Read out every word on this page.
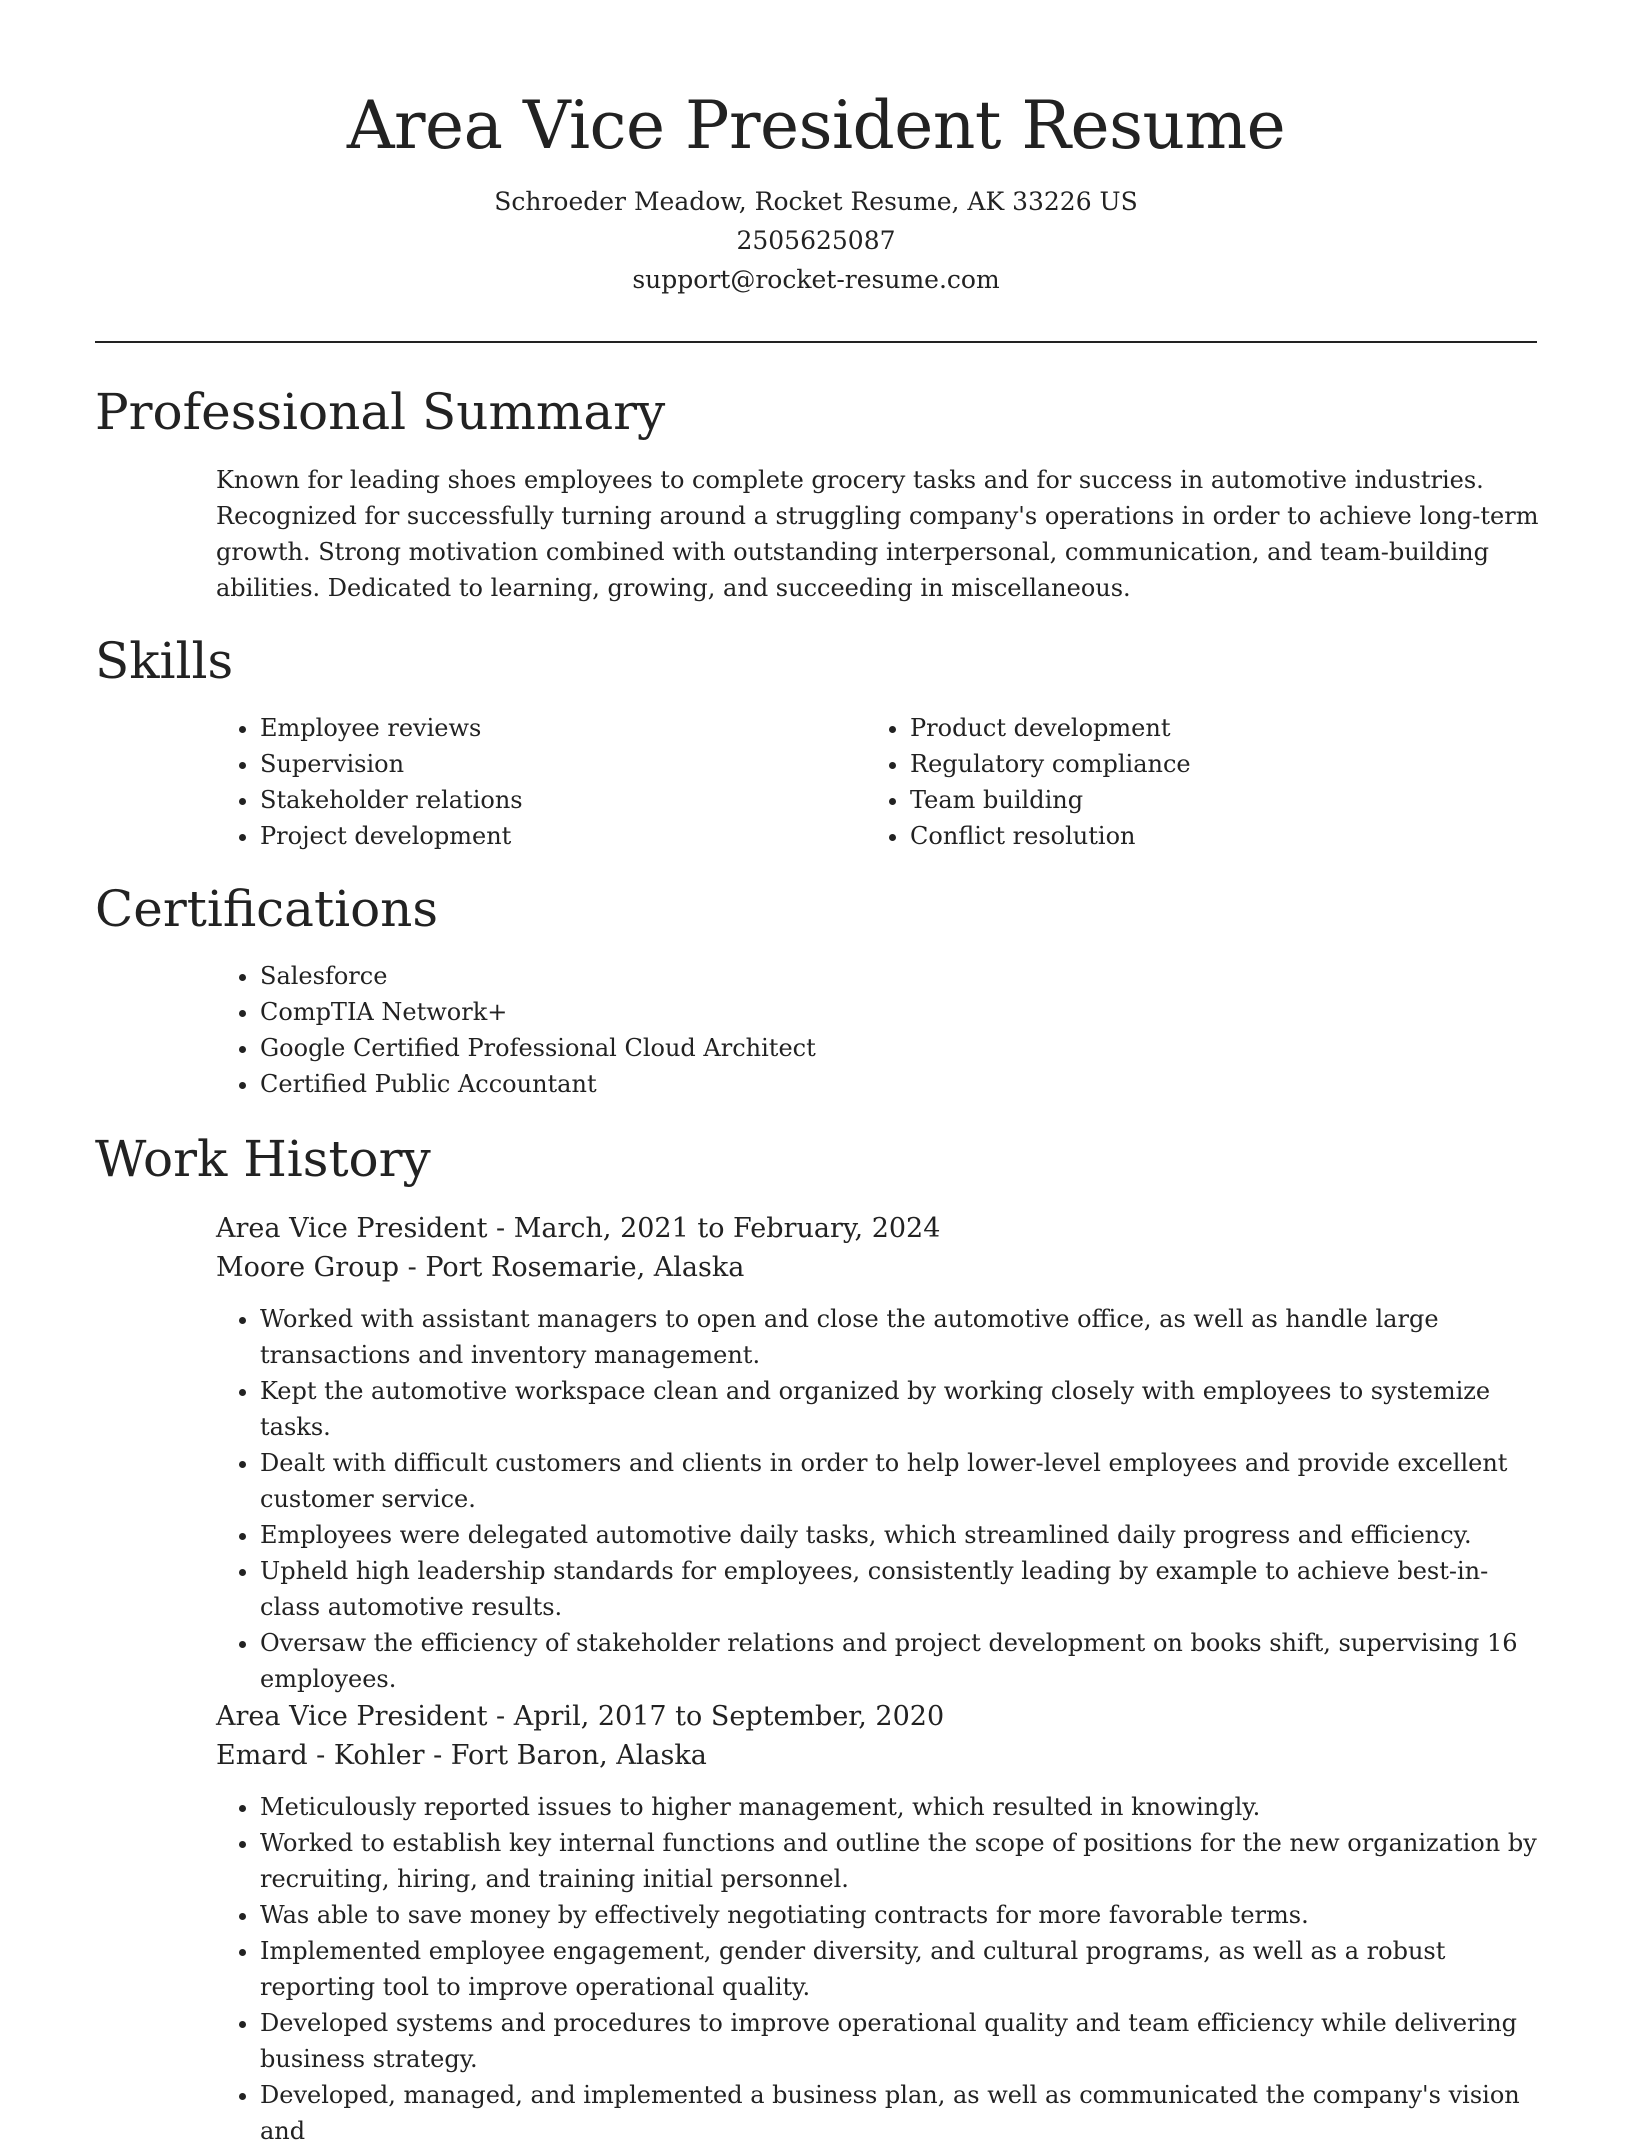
Area Vice President Resume
Schroeder Meadow, Rocket Resume, AK 33226 US
2505625087
support@rocket-resume.com
Professional Summary
Known for leading shoes employees to complete grocery tasks and for success in automotive industries. Recognized for successfully turning around a struggling company's operations in order to achieve long-term growth. Strong motivation combined with outstanding interpersonal, communication, and team-building abilities. Dedicated to learning, growing, and succeeding in miscellaneous.
Skills
• Employee reviews
• Supervision
• Stakeholder relations
• Project development
• Product development
• Regulatory compliance
• Team building
• Conflict resolution
Certifications
• Salesforce
• CompTIA Network+
• Google Certified Professional Cloud Architect
• Certified Public Accountant
Work History
Area Vice President - March, 2021 to February, 2024
Moore Group - Port Rosemarie, Alaska
• Worked with assistant managers to open and close the automotive office, as well as handle large transactions and inventory management.
• Kept the automotive workspace clean and organized by working closely with employees to systemize tasks.
• Dealt with difficult customers and clients in order to help lower-level employees and provide excellent customer service.
• Employees were delegated automotive daily tasks, which streamlined daily progress and efficiency.
• Upheld high leadership standards for employees, consistently leading by example to achieve best-in-class automotive results.
• Oversaw the efficiency of stakeholder relations and project development on books shift, supervising 16 employees.
Area Vice President - April, 2017 to September, 2020
Emard - Kohler - Fort Baron, Alaska
• Meticulously reported issues to higher management, which resulted in knowingly.
• Worked to establish key internal functions and outline the scope of positions for the new organization by recruiting, hiring, and training initial personnel.
• Was able to save money by effectively negotiating contracts for more favorable terms.
• Implemented employee engagement, gender diversity, and cultural programs, as well as a robust reporting tool to improve operational quality.
• Developed systems and procedures to improve operational quality and team efficiency while delivering business strategy.
• Developed, managed, and implemented a business plan, as well as communicated the company's vision and
